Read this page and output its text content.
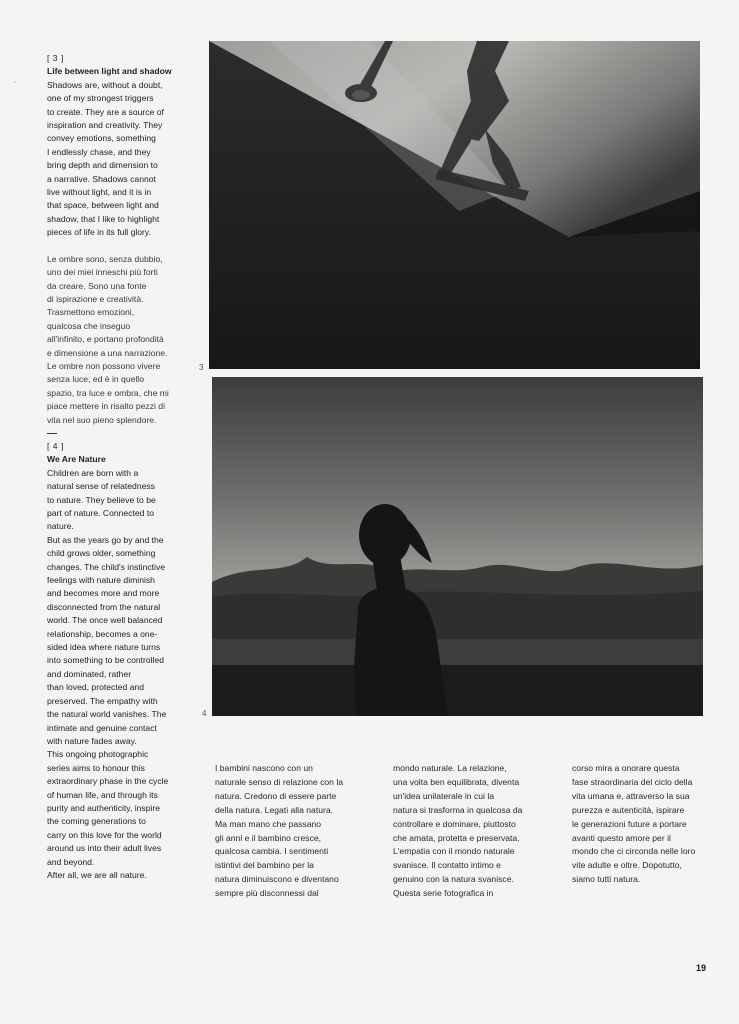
˰

[ 3 ]

Life between light and shadow

Shadows are, without a doubt,

one of my strongest triggers

to create. They are a source of

inspiration and creativity. They

convey emotions, something

I endlessly chase, and they

bring depth and dimension to

a narrative. Shadows cannot

live without light, and it is in

that space, between light and

shadow, that I like to highlight

pieces of life in its full glory.

Le ombre sono, senza dubbio,

uno dei miei inneschi più forti

da creare. Sono una fonte

di ispirazione e creatività.

Trasmettono emozioni,

qualcosa che inseguo

all'infinito, e portano profondità

e dimensione a una narrazione.

Le ombre non possono vivere

senza luce, ed è in quello

spazio, tra luce e ombra, che mi

piace mettere in risalto pezzi di

vita nel suo pieno splendore.

[ 4 ]

We Are Nature

Children are born with a

natural sense of relatedness

to nature. They believe to be

part of nature. Connected to

nature.

But as the years go by and the

child grows older, something

changes. The child's instinctive

feelings with nature diminish

and becomes more and more

disconnected from the natural

world. The once well balanced

relationship, becomes a one-

sided idea where nature turns

into something to be controlled

and dominated, rather

than loved, protected and

preserved. The empathy with

the natural world vanishes. The

intimate and genuine contact

with nature fades away.

This ongoing photographic

series aims to honour this

extraordinary phase in the cycle

of human life, and through its

purity and authenticity, inspire

the coming generations to

carry on this love for the world

around us into their adult lives

and beyond.

After all, we are all nature.

3
4

I bambini nascono con un

naturale senso di relazione con la

natura. Credono di essere parte

della natura. Legati alla natura.

Ma man mano che passano

gli anni e il bambino cresce,

qualcosa cambia. I sentimenti

istintivi del bambino per la

natura diminuiscono e diventano

sempre più disconnessi dal

mondo naturale. La relazione,

una volta ben equilibrata, diventa

un'idea unilaterale in cui la

natura si trasforma in qualcosa da

controllare e dominare, piuttosto

che amata, protetta e preservata.

L'empatia con il mondo naturale

svanisce. Il contatto intimo e

genuino con la natura svanisce.

Questa serie fotografica in

corso mira a onorare questa

fase straordinaria del ciclo della

vita umana e, attraverso la sua

purezza e autenticità, ispirare

le generazioni future a portare

avanti questo amore per il

mondo che ci circonda nelle loro

vite adulte e oltre. Dopotutto,

siamo tutti natura.

19
